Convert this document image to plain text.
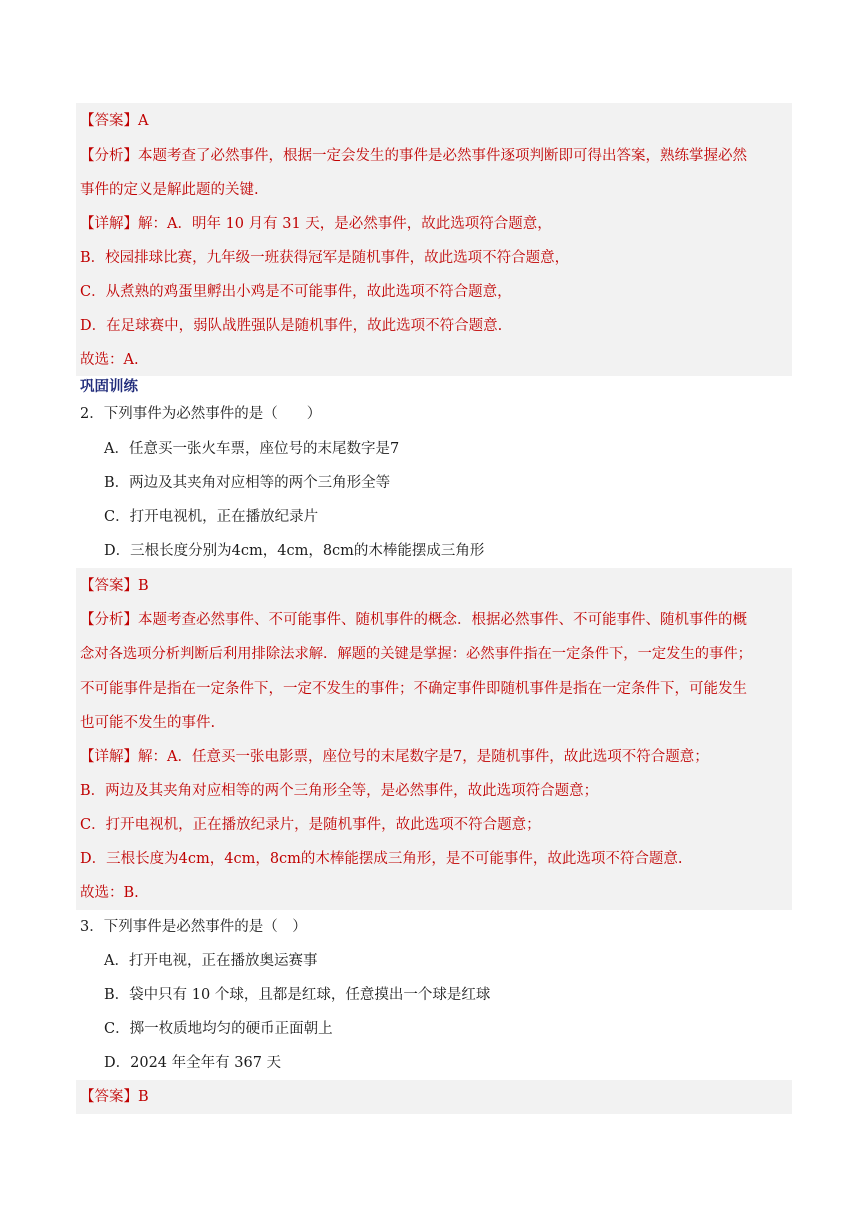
【答案】A
【分析】本题考查了必然事件，根据一定会发生的事件是必然事件逐项判断即可得出答案，熟练掌握必然
事件的定义是解此题的关键.
【详解】解：A．明年 10 月有 31 天，是必然事件，故此选项符合题意，
B．校园排球比赛，九年级一班获得冠军是随机事件，故此选项不符合题意，
C．从煮熟的鸡蛋里孵出小鸡是不可能事件，故此选项不符合题意，
D．在足球赛中，弱队战胜强队是随机事件，故此选项不符合题意.
故选：A.
巩固训练
2．下列事件为必然事件的是（　　）
A．任意买一张火车票，座位号的末尾数字是7
B．两边及其夹角对应相等的两个三角形全等
C．打开电视机，正在播放纪录片
D．三根长度分别为4cm，4cm，8cm的木棒能摆成三角形
【答案】B
【分析】本题考查必然事件、不可能事件、随机事件的概念．根据必然事件、不可能事件、随机事件的概
念对各选项分析判断后利用排除法求解．解题的关键是掌握：必然事件指在一定条件下，一定发生的事件；
不可能事件是指在一定条件下，一定不发生的事件；不确定事件即随机事件是指在一定条件下，可能发生
也可能不发生的事件.
【详解】解：A．任意买一张电影票，座位号的末尾数字是7，是随机事件，故此选项不符合题意；
B．两边及其夹角对应相等的两个三角形全等，是必然事件，故此选项符合题意；
C．打开电视机，正在播放纪录片，是随机事件，故此选项不符合题意；
D．三根长度为4cm，4cm，8cm的木棒能摆成三角形，是不可能事件，故此选项不符合题意.
故选：B.
3．下列事件是必然事件的是（　）
A．打开电视，正在播放奥运赛事
B．袋中只有 10 个球，且都是红球，任意摸出一个球是红球
C．掷一枚质地均匀的硬币正面朝上
D．2024 年全年有 367 天
【答案】B
